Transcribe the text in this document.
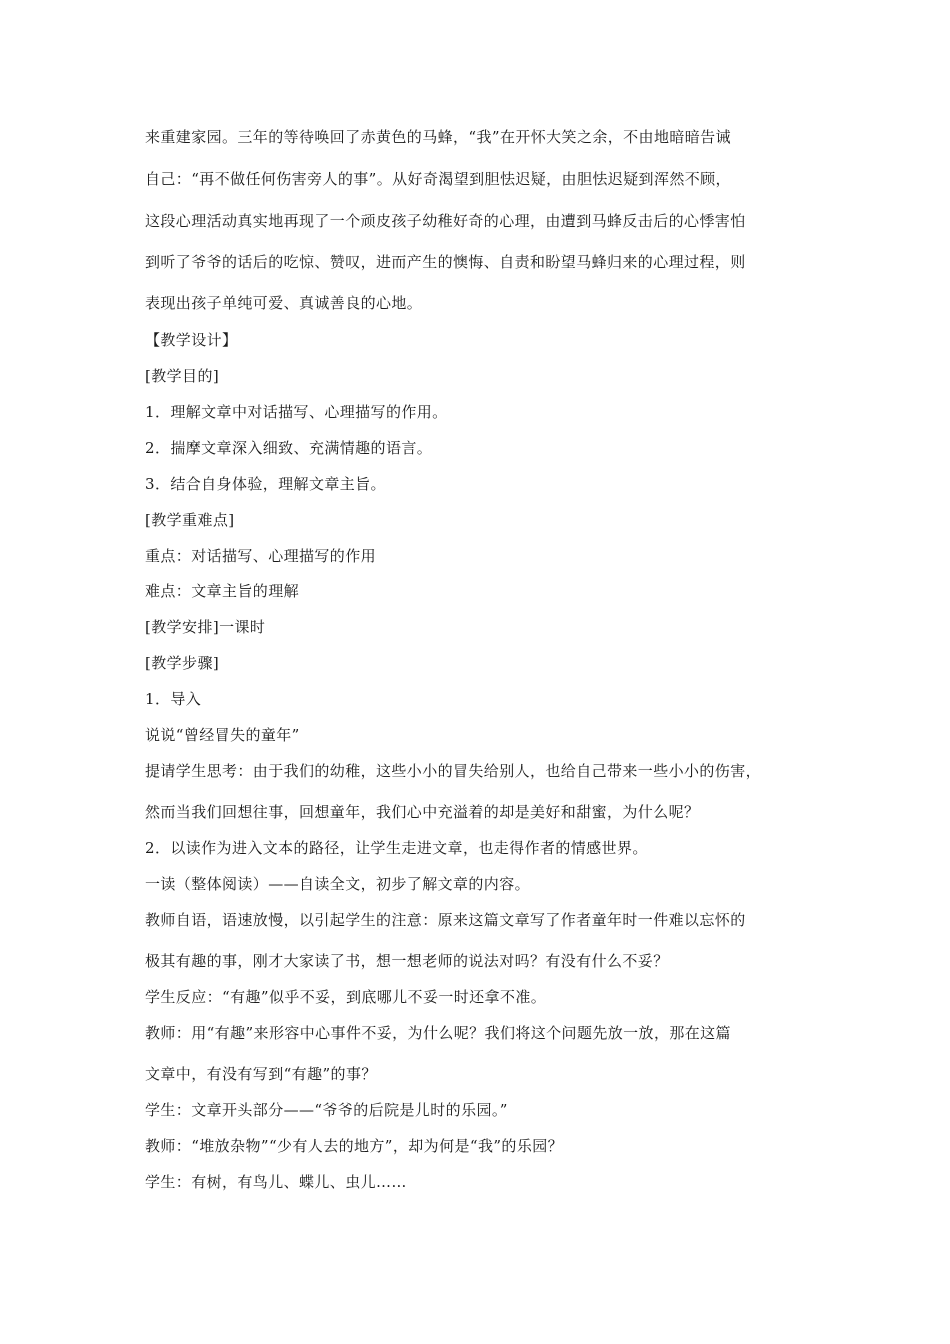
来重建家园。三年的等待唤回了赤黄色的马蜂，“我”在开怀大笑之余，不由地暗暗告诫
自己：“再不做任何伤害旁人的事”。从好奇渴望到胆怯迟疑，由胆怯迟疑到浑然不顾，
这段心理活动真实地再现了一个顽皮孩子幼稚好奇的心理，由遭到马蜂反击后的心悸害怕
到听了爷爷的话后的吃惊、赞叹，进而产生的懊悔、自责和盼望马蜂归来的心理过程，则
表现出孩子单纯可爱、真诚善良的心地。
【教学设计】
[教学目的]
1．理解文章中对话描写、心理描写的作用。
2．揣摩文章深入细致、充满情趣的语言。
3．结合自身体验，理解文章主旨。
[教学重难点]
重点：对话描写、心理描写的作用
难点：文章主旨的理解
[教学安排]一课时
[教学步骤]
1．导入
说说“曾经冒失的童年”
提请学生思考：由于我们的幼稚，这些小小的冒失给别人，也给自己带来一些小小的伤害，
然而当我们回想往事，回想童年，我们心中充溢着的却是美好和甜蜜，为什么呢？
2．以读作为进入文本的路径，让学生走进文章，也走得作者的情感世界。
一读（整体阅读）——自读全文，初步了解文章的内容。
教师自语，语速放慢，以引起学生的注意：原来这篇文章写了作者童年时一件难以忘怀的
极其有趣的事，刚才大家读了书，想一想老师的说法对吗？有没有什么不妥？
学生反应：“有趣”似乎不妥，到底哪儿不妥一时还拿不准。
教师：用“有趣”来形容中心事件不妥，为什么呢？我们将这个问题先放一放，那在这篇
文章中，有没有写到“有趣”的事？
学生：文章开头部分——“爷爷的后院是儿时的乐园。”
教师：“堆放杂物”“少有人去的地方”，却为何是“我”的乐园？
学生：有树，有鸟儿、蝶儿、虫儿……
